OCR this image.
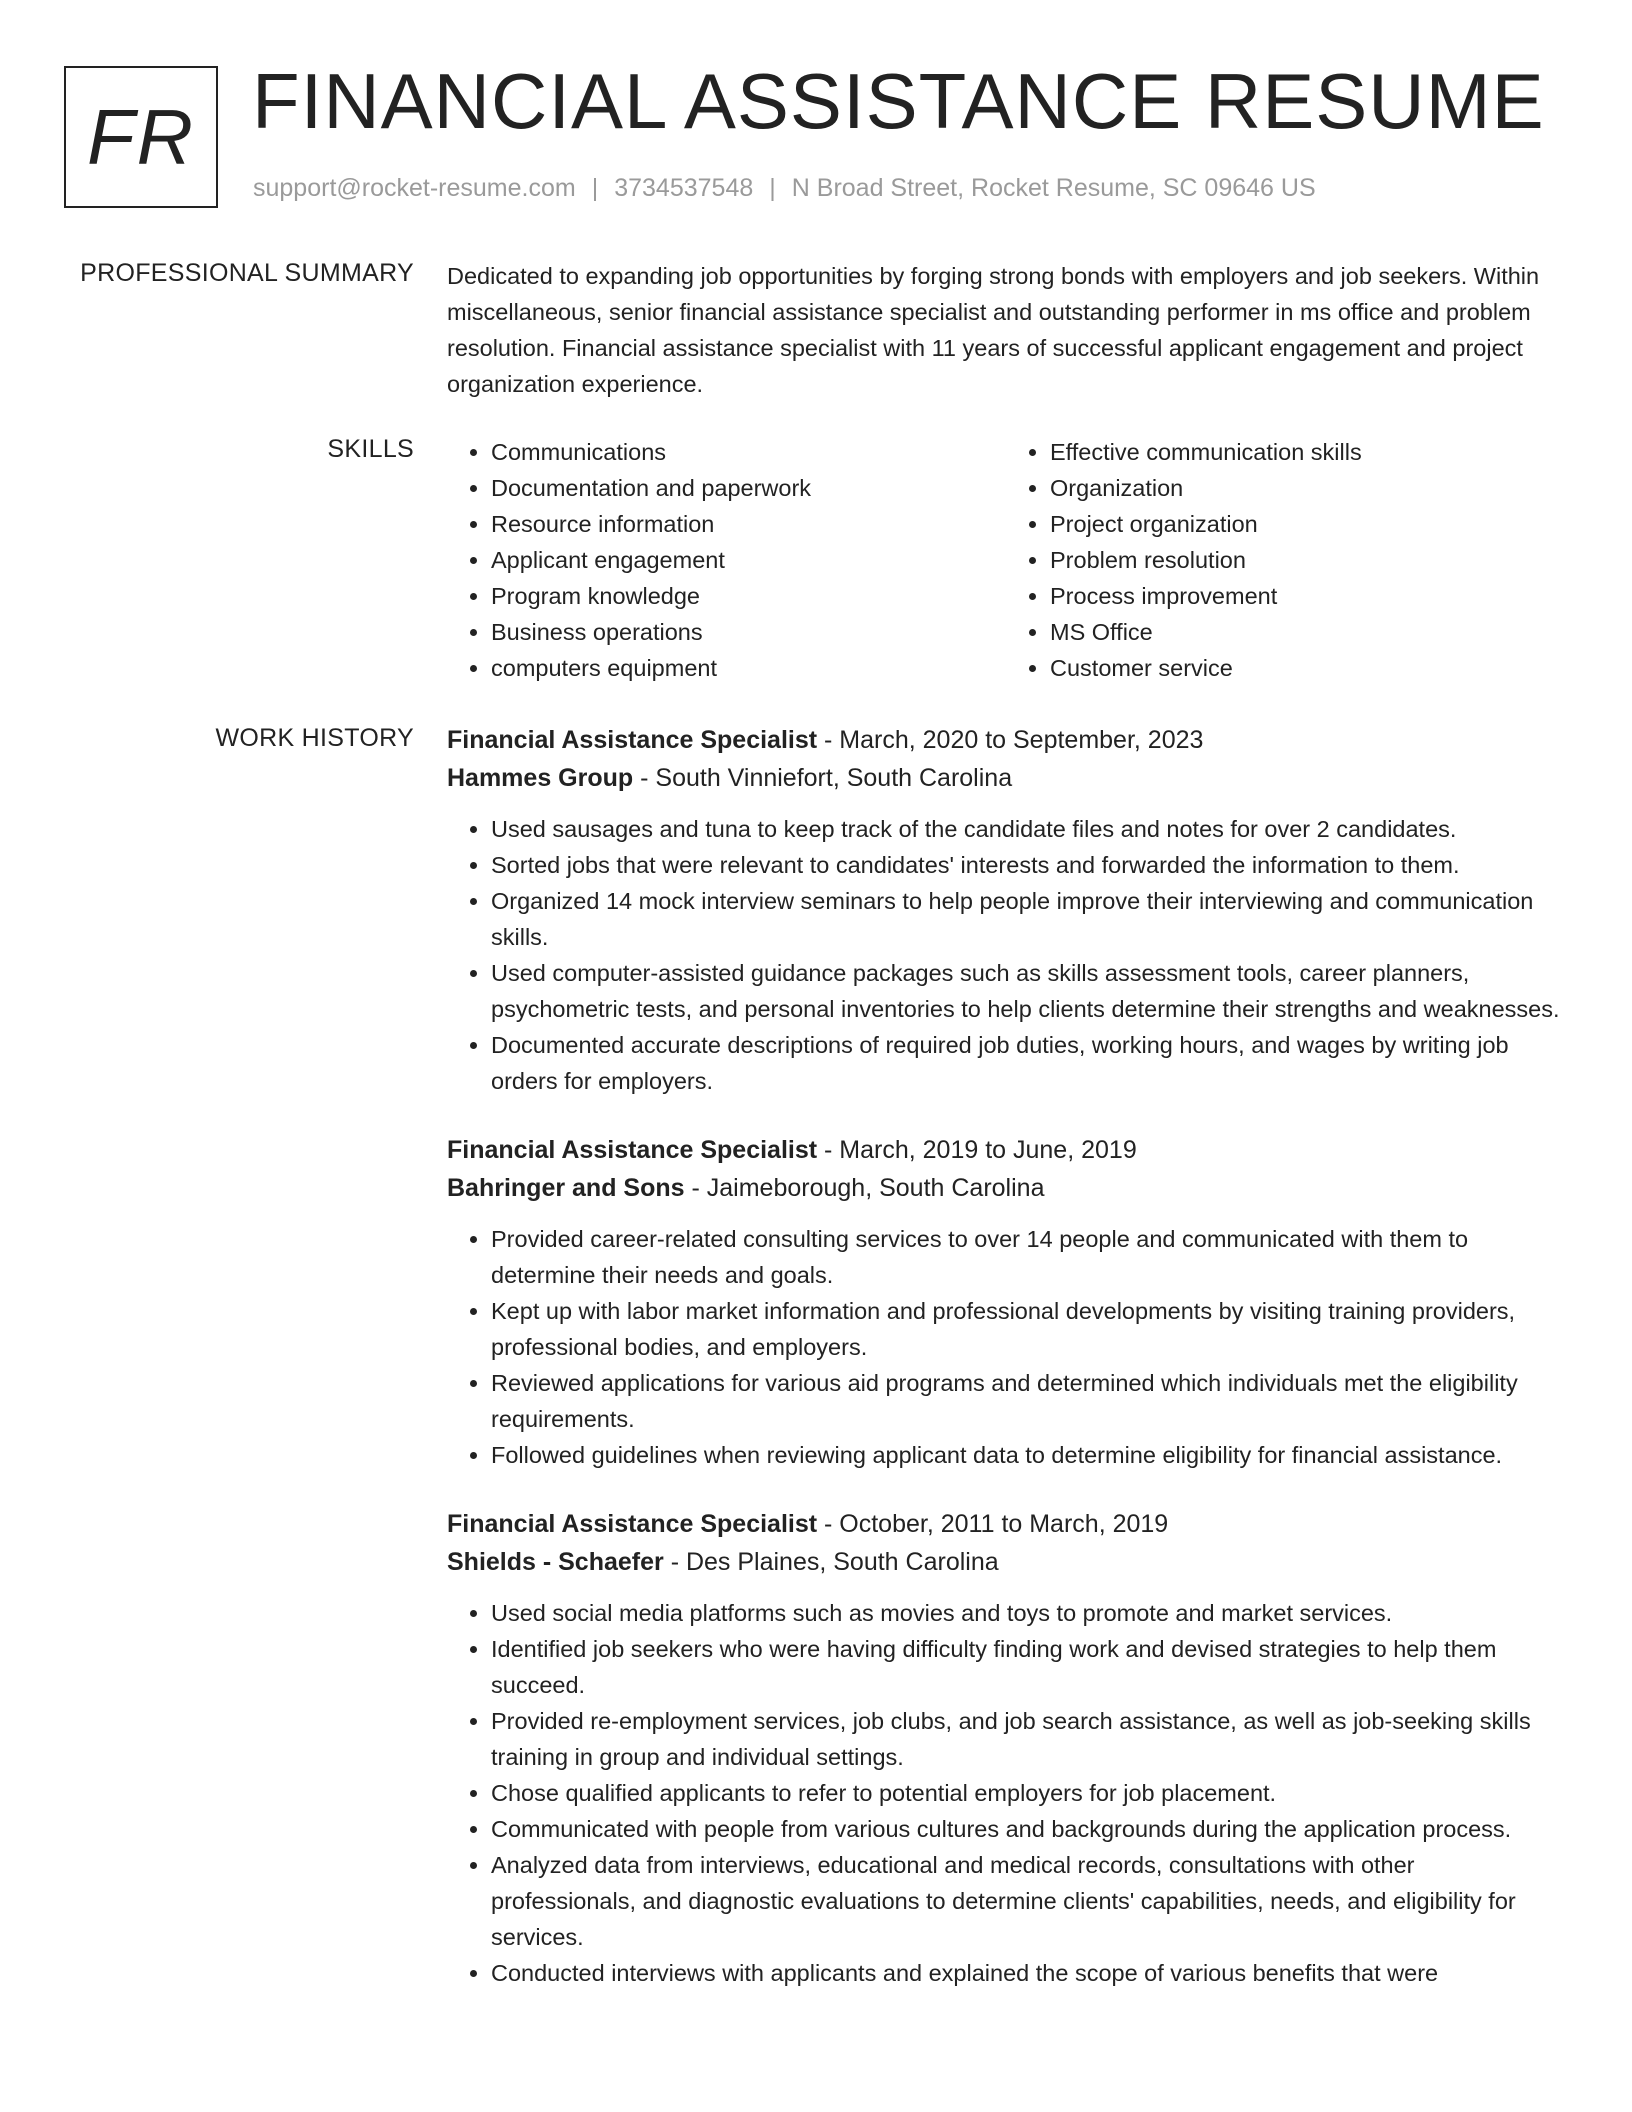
FR FINANCIAL ASSISTANCE RESUME
support@rocket-resume.com | 3734537548 | N Broad Street, Rocket Resume, SC 09646 US
PROFESSIONAL SUMMARY Dedicated to expanding job opportunities by forging strong bonds with employers and job seekers. Within miscellaneous, senior financial assistance specialist and outstanding performer in ms office and problem resolution. Financial assistance specialist with 11 years of successful applicant engagement and project organization experience.

SKILLS
•	Communications
• Documentation and paperwork
• Resource information
• Applicant engagement
• Program knowledge
• Business operations
• computers equipment
• Effective communication skills
• Organization
• Project organization
• Problem resolution
• Process improvement
• MS Office
• Customer service
WORK HISTORY Financial Assistance Specialist - March, 2020 to September, 2023
Hammes Group - South Vinniefort, South Carolina
• Used sausages and tuna to keep track of the candidate files and notes for over 2 candidates.
• Sorted jobs that were relevant to candidates' interests and forwarded the information to them.
• Organized 14 mock interview seminars to help people improve their interviewing and communication skills.
• Used computer-assisted guidance packages such as skills assessment tools, career planners, psychometric tests, and personal inventories to help clients determine their strengths and weaknesses.
• Documented accurate descriptions of required job duties, working hours, and wages by writing job orders for employers.
Financial Assistance Specialist - March, 2019 to June, 2019
Bahringer and Sons - Jaimeborough, South Carolina
• Provided career-related consulting services to over 14 people and communicated with them to determine their needs and goals.
• Kept up with labor market information and professional developments by visiting training providers, professional bodies, and employers.
• Reviewed applications for various aid programs and determined which individuals met the eligibility requirements.
• Followed guidelines when reviewing applicant data to determine eligibility for financial assistance.
Financial Assistance Specialist - October, 2011 to March, 2019
Shields - Schaefer - Des Plaines, South Carolina
• Used social media platforms such as movies and toys to promote and market services.
• Identified job seekers who were having difficulty finding work and devised strategies to help them succeed.
• Provided re-employment services, job clubs, and job search assistance, as well as job-seeking skills training in group and individual settings.
• Chose qualified applicants to refer to potential employers for job placement.
• Communicated with people from various cultures and backgrounds during the application process.
• Analyzed data from interviews, educational and medical records, consultations with other professionals, and diagnostic evaluations to determine clients' capabilities, needs, and eligibility for services.
• Conducted interviews with applicants and explained the scope of various benefits that were
